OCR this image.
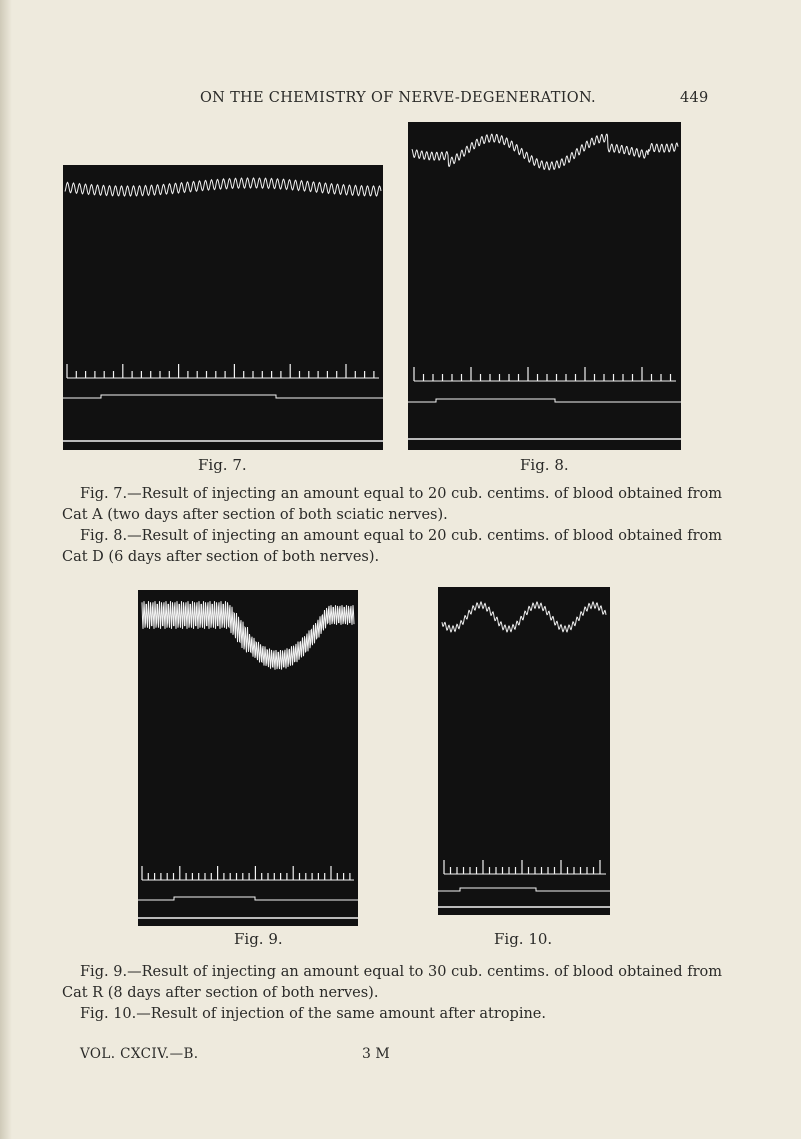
ON THE CHEMISTRY OF NERVE-DEGENERATION.	449
Fig. 7.	Fig. 8.

Fig. 7.—Result of injecting an amount equal to 20 cub. centims. of blood obtained from Cat A (two days after section of both sciatic nerves).

Fig. 8.—Result of injecting an amount equal to 20 cub. centims. of blood obtained from Cat D (6 days after section of both nerves).

Fig. 9.	Fig. 10.

Fig. 9.—Result of injecting an amount equal to 30 cub. centims. of blood obtained from Cat R (8 days after section of both nerves).

Fig. 10.—Result of injection of the same amount after atropine.

VOL. CXCIV.—B.	3 M
